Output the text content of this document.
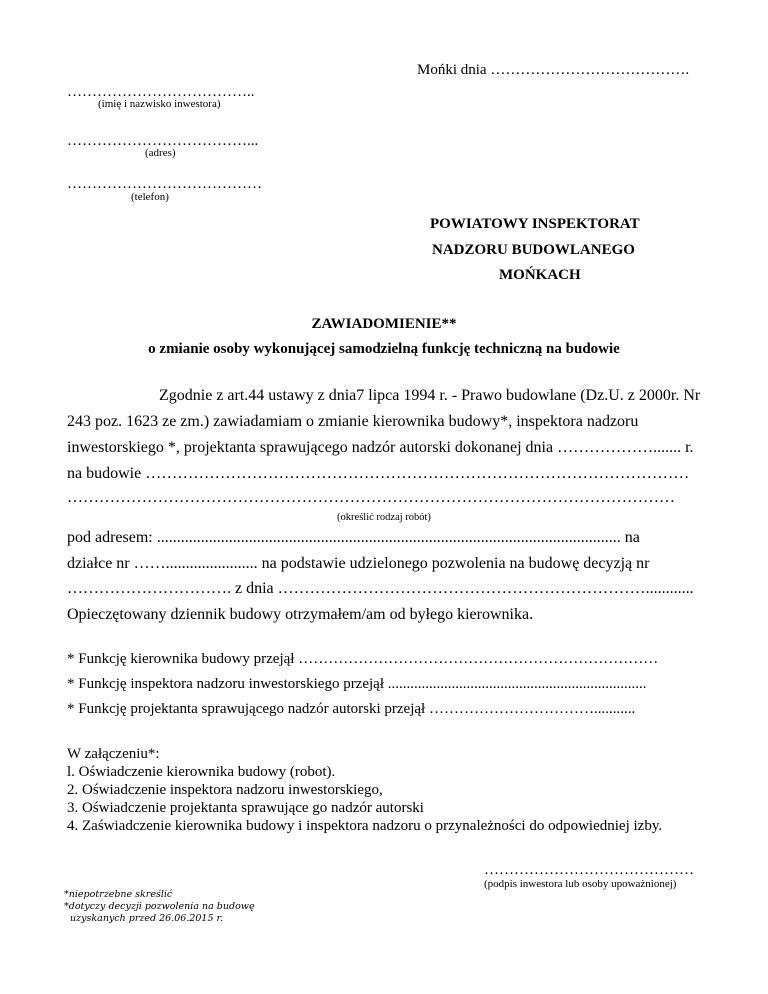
Mońki dnia ………………………………….
………………………………..
(imię i nazwisko inwestora)
………………………………...
(adres)
…………………………………
(telefon)
POWIATOWY INSPEKTORAT
NADZORU BUDOWLANEGO
MOŃKACH
ZAWIADOMIENIE**
o zmianie osoby wykonującej samodzielną funkcję techniczną na budowie
Zgodnie z art.44 ustawy z dnia7 lipca 1994 r. - Prawo budowlane (Dz.U. z 2000r. Nr
243 poz. 1623 ze zm.) zawiadamiam o zmianie kierownika budowy*, inspektora nadzoru
inwestorskiego *, projektanta sprawującego nadzór autorski dokonanej dnia ………………....... r.
na budowie …………………………………………………………………………………………
……………………………………………………………………………………………………
(określić rodzaj robót)
pod adresem: .................................................................................................................... na
działce nr ……....................... na podstawie udzielonego pozwolenia na budowę decyzją nr
…………………………. z dnia ……………………………………………………………............
Opieczętowany dziennik budowy otrzymałem/am od byłego kierownika.
* Funkcję kierownika budowy przejął ………………………………………………………………
* Funkcję inspektora nadzoru inwestorskiego przejął .....................................................................
* Funkcję projektanta sprawującego nadzór autorski przejął ……………………………...........
W załączeniu*:
l. Oświadczenie kierownika budowy (robot).
2. Oświadczenie inspektora nadzoru inwestorskiego,
3. Oświadczenie projektanta sprawujące go nadzór autorski
4. Zaświadczenie kierownika budowy i inspektora nadzoru o przynależności do odpowiedniej izby.
……………………………………
(podpis inwestora lub osoby upoważnionej)
*niepotrzebne skreślić
*dotyczy decyzji pozwolenia na budowę
uzyskanych przed 26.06.2015 r.
